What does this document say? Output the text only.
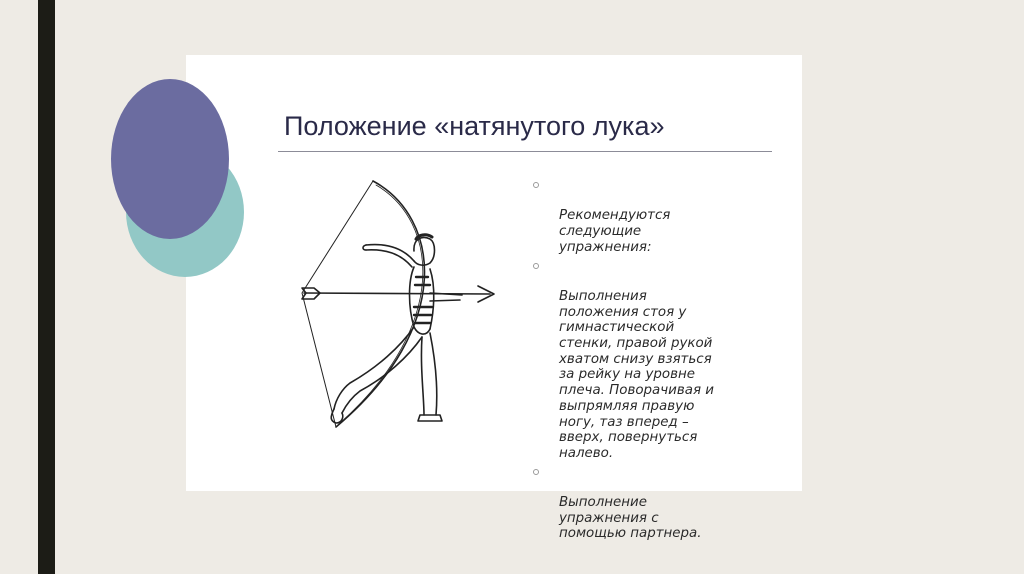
Положение «натянутого лука»

Рекомендуются
следующие
упражнения:

Выполнения
положения стоя у
гимнастической
стенки, правой рукой
хватом снизу взяться
за рейку на уровне
плеча. Поворачивая и
выпрямляя правую
ногу, таз вперед –
вверх, повернуться
налево.

Выполнение
упражнения с
помощью партнера.
